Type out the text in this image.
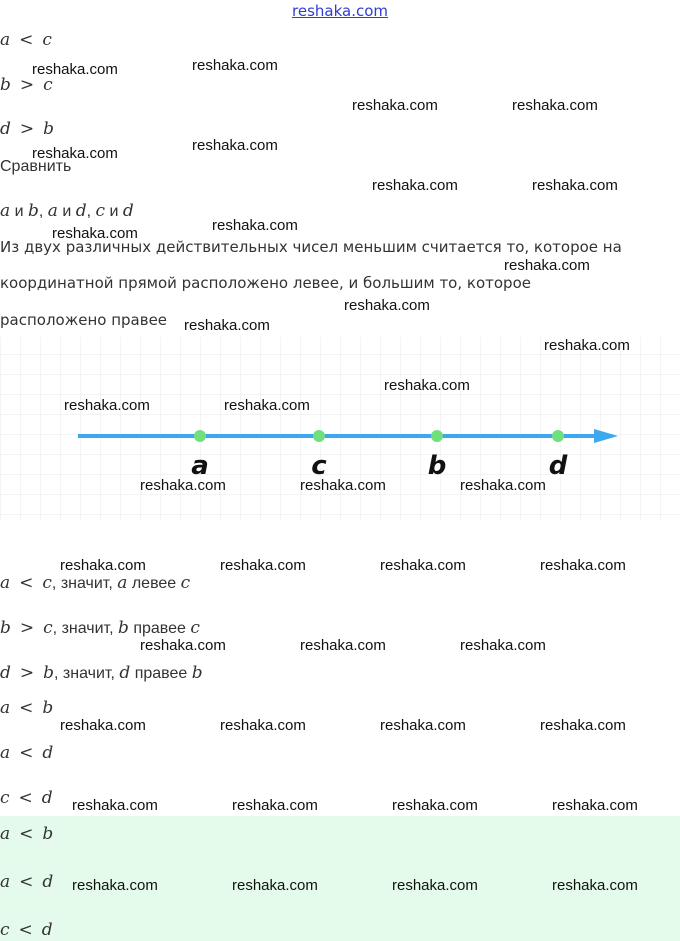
reshaka.com
a < c
b > c
d > b
Сравнить
a и b, a и d, c и d
Из двух различных действительных чисел меньшим считается то, которое на
координатной прямой расположено левее, и большим то, которое
расположено правее
a	c	b	d
a < c, значит, a левее c
b > c, значит, b правее c
d > b, значит, d правее b
a < b
a < d
c < d
a < b
a < d
c < d
reshaka.com	reshaka.com
reshaka.com	reshaka.com
reshaka.com	reshaka.com
reshaka.com	reshaka.com
reshaka.com	reshaka.com
reshaka.com
reshaka.com
reshaka.com
reshaka.com
reshaka.com
reshaka.com	reshaka.com
reshaka.com	reshaka.com	reshaka.com
reshaka.com	reshaka.com	reshaka.com	reshaka.com
reshaka.com	reshaka.com	reshaka.com
reshaka.com	reshaka.com	reshaka.com	reshaka.com
reshaka.com	reshaka.com	reshaka.com	reshaka.com
reshaka.com	reshaka.com	reshaka.com	reshaka.com
